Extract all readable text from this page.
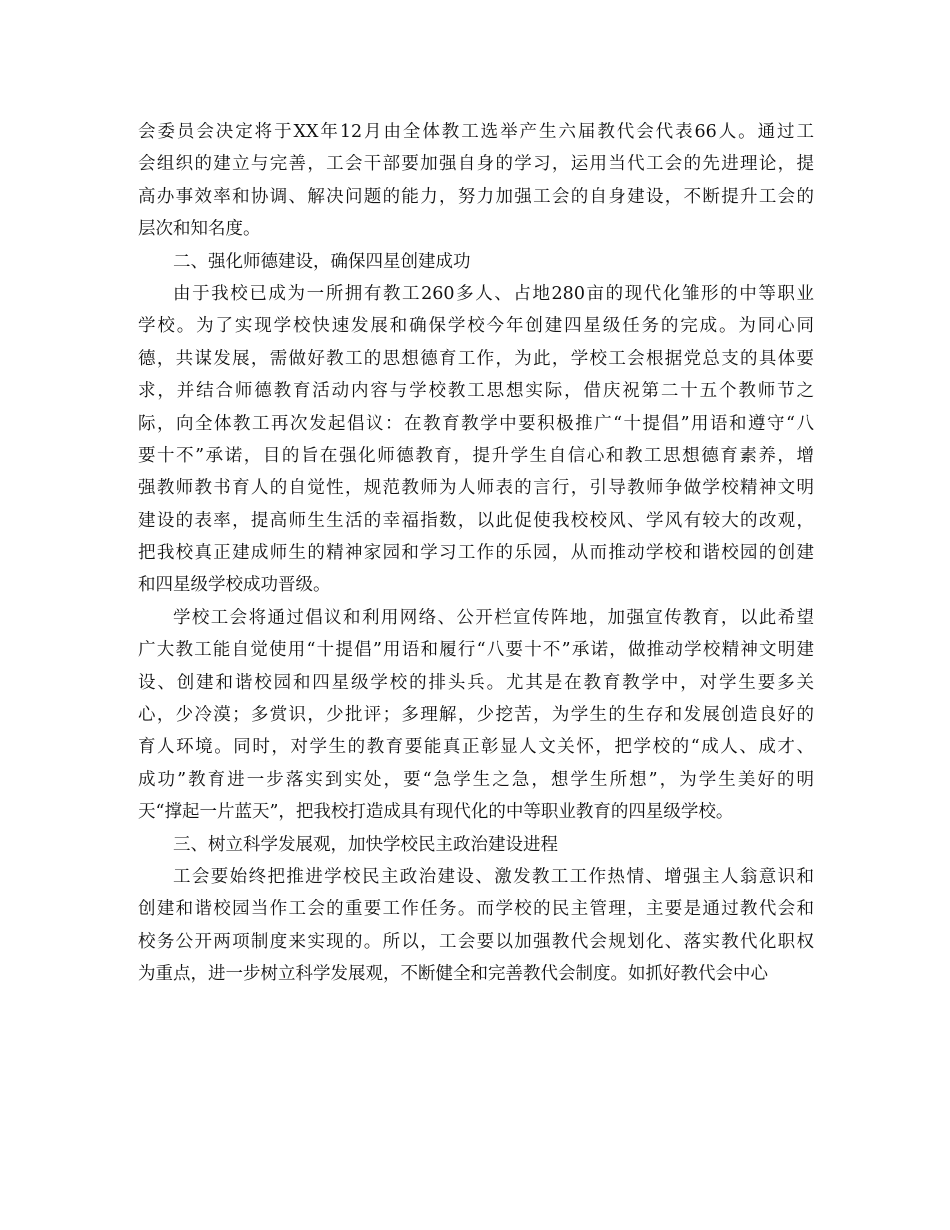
会委员会决定将于XX年12月由全体教工选举产生六届教代会代表66人。通过工
会组织的建立与完善，工会干部要加强自身的学习，运用当代工会的先进理论，提
高办事效率和协调、解决问题的能力，努力加强工会的自身建设，不断提升工会的
层次和知名度。
二、强化师德建设，确保四星创建成功
由于我校已成为一所拥有教工260多人、占地280亩的现代化雏形的中等职业
学校。为了实现学校快速发展和确保学校今年创建四星级任务的完成。为同心同
德，共谋发展，需做好教工的思想德育工作，为此，学校工会根据党总支的具体要
求，并结合师德教育活动内容与学校教工思想实际，借庆祝第二十五个教师节之
际，向全体教工再次发起倡议：在教育教学中要积极推广“十提倡”用语和遵守“八
要十不”承诺，目的旨在强化师德教育，提升学生自信心和教工思想德育素养，增
强教师教书育人的自觉性，规范教师为人师表的言行，引导教师争做学校精神文明
建设的表率，提高师生生活的幸福指数，以此促使我校校风、学风有较大的改观，
把我校真正建成师生的精神家园和学习工作的乐园，从而推动学校和谐校园的创建
和四星级学校成功晋级。
学校工会将通过倡议和利用网络、公开栏宣传阵地，加强宣传教育，以此希望
广大教工能自觉使用“十提倡”用语和履行“八要十不”承诺，做推动学校精神文明建
设、创建和谐校园和四星级学校的排头兵。尤其是在教育教学中，对学生要多关
心，少冷漠；多赏识，少批评；多理解，少挖苦，为学生的生存和发展创造良好的
育人环境。同时，对学生的教育要能真正彰显人文关怀，把学校的“成人、成才、
成功”教育进一步落实到实处，要“急学生之急，想学生所想”，为学生美好的明
天“撑起一片蓝天”，把我校打造成具有现代化的中等职业教育的四星级学校。
三、树立科学发展观，加快学校民主政治建设进程
工会要始终把推进学校民主政治建设、激发教工工作热情、增强主人翁意识和
创建和谐校园当作工会的重要工作任务。而学校的民主管理，主要是通过教代会和
校务公开两项制度来实现的。所以，工会要以加强教代会规划化、落实教代化职权
为重点，进一步树立科学发展观，不断健全和完善教代会制度。如抓好教代会中心
